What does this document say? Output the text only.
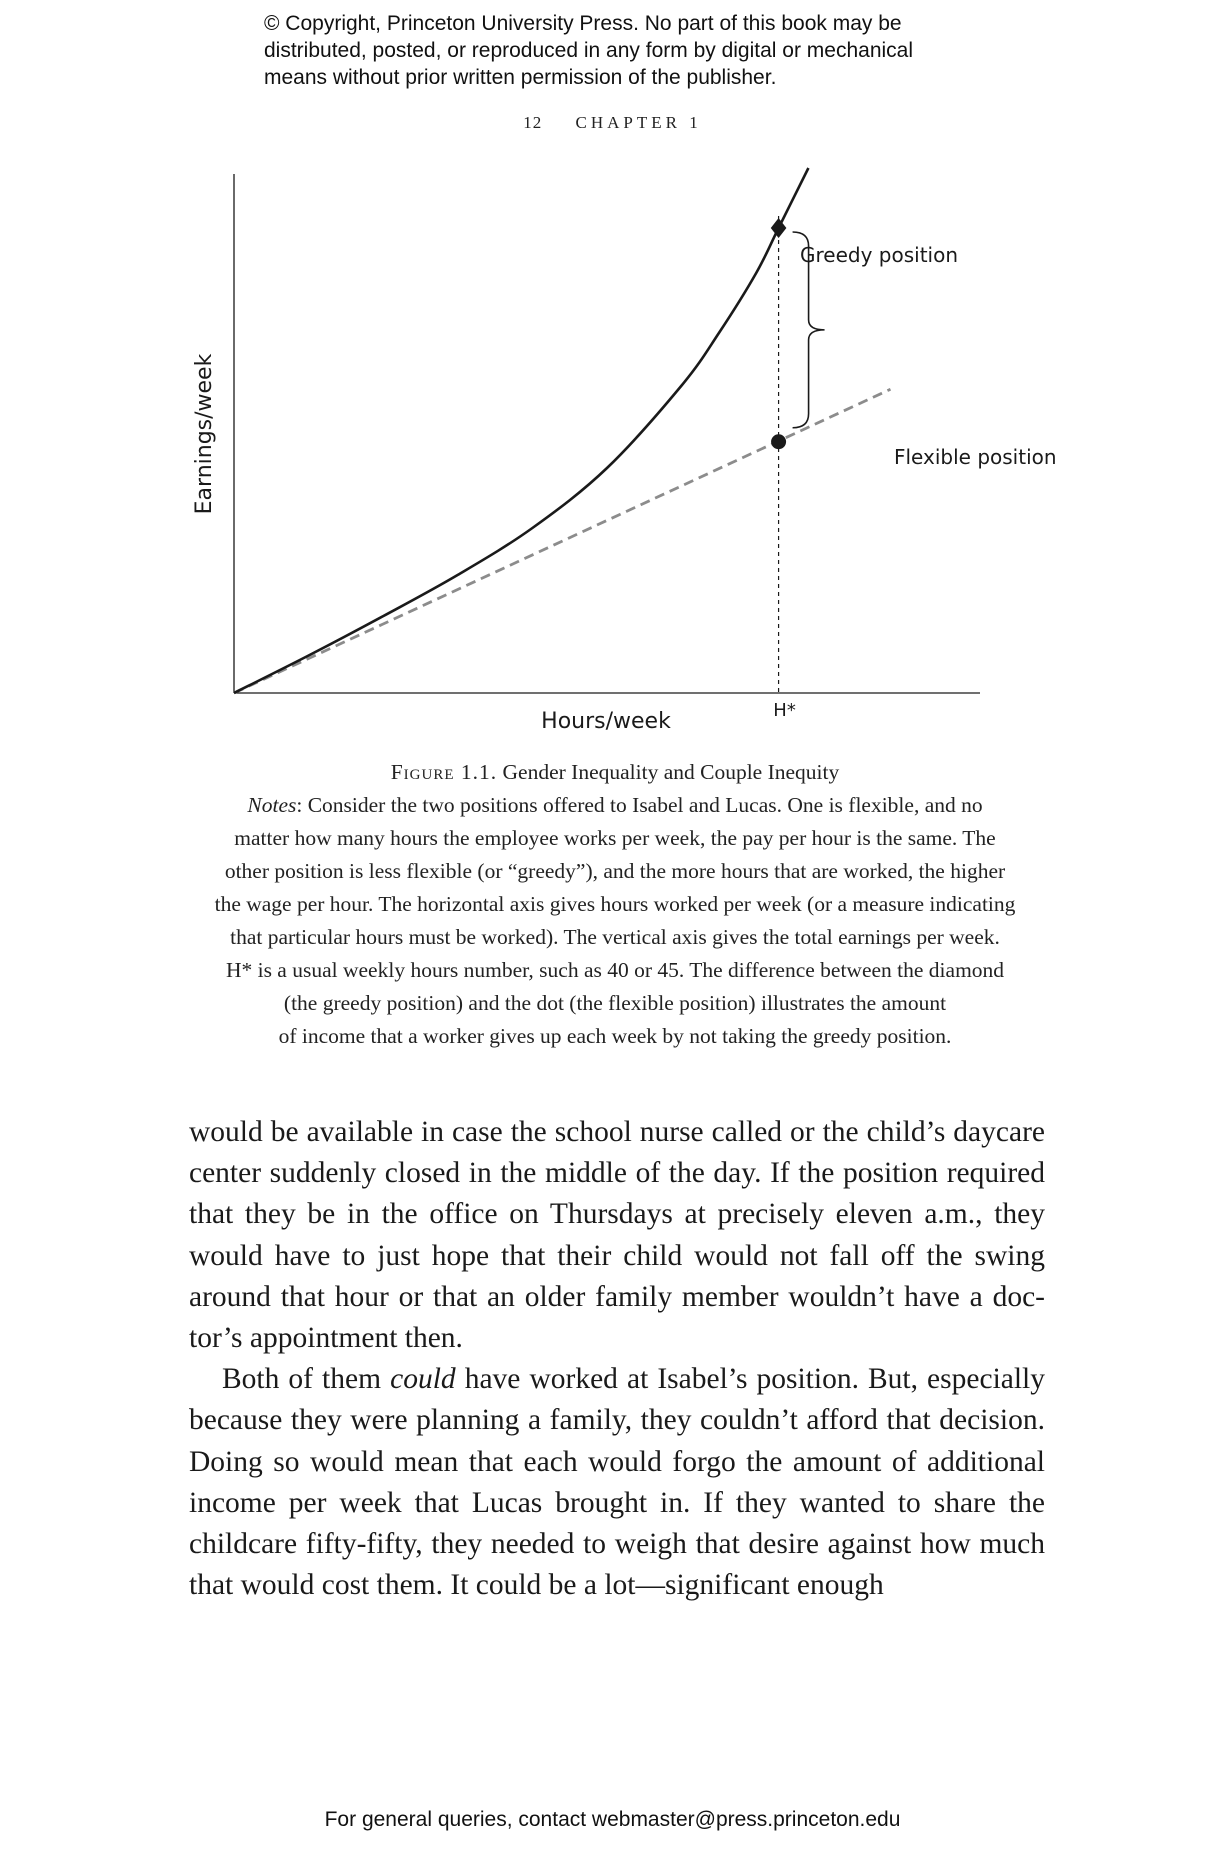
© Copyright, Princeton University Press. No part of this book may be
distributed, posted, or reproduced in any form by digital or mechanical
means without prior written permission of the publisher.
12 CHAPTER 1
Greedy position
Flexible position
Earnings/week
Hours/week	H*
Figure 1.1. Gender Inequality and Couple Inequity
Notes: Consider the two positions offered to Isabel and Lucas. One is flexible, and no
matter how many hours the employee works per week, the pay per hour is the same. The
other position is less flexible (or “greedy”), and the more hours that are worked, the higher
the wage per hour. The horizontal axis gives hours worked per week (or a measure indicating
that particular hours must be worked). The vertical axis gives the total earnings per week.
H* is a usual weekly hours number, such as 40 or 45. The difference between the diamond
(the greedy position) and the dot (the flexible position) illustrates the amount
of income that a worker gives up each week by not taking the greedy position.

would be available in case the school nurse called or the child’s daycare center suddenly closed in the middle of the day. If the position required that they be in the office on Thursdays at precisely eleven a.m., they would have to just hope that their child would not fall off the swing around that hour or that an older family member wouldn’t have a doctor’s appointment then.

Both of them could have worked at Isabel’s position. But, especially because they were planning a family, they couldn’t afford that decision. Doing so would mean that each would forgo the amount of additional income per week that Lucas brought in. If they wanted to share the childcare fifty-fifty, they needed to weigh that desire against how much that would cost them. It could be a lot—significant enough

For general queries, contact webmaster@press.princeton.edu
